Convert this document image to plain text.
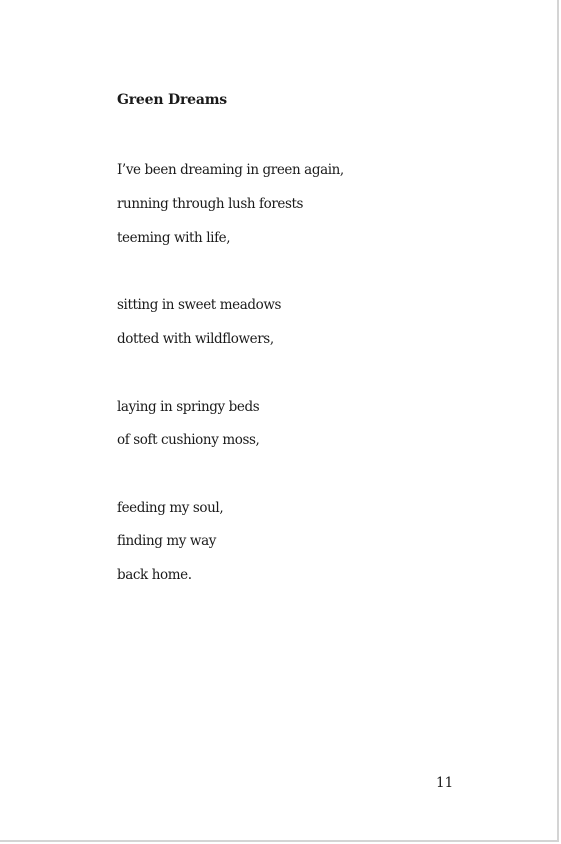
Green Dreams
I’ve been dreaming in green again,
running through lush forests
teeming with life,
sitting in sweet meadows
dotted with wildflowers,
laying in springy beds
of soft cushiony moss,
feeding my soul,
finding my way
back home.
11
